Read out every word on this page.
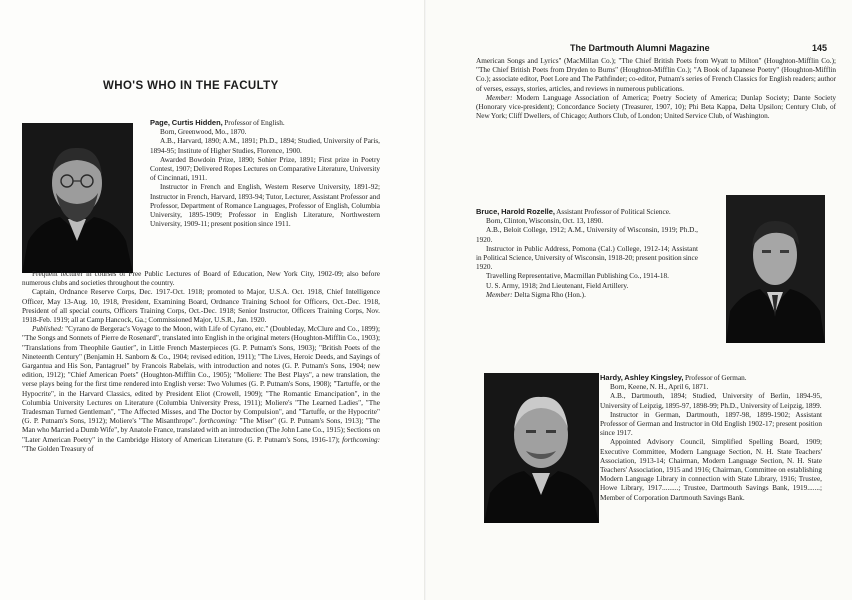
WHO'S WHO IN THE FACULTY

Page, Curtis Hidden, Professor of English.

Born, Greenwood, Mo., 1870.

A.B., Harvard, 1890; A.M., 1891; Ph.D., 1894; Studied, University of Paris, 1894-95; Institute of Higher Studies, Florence, 1900.

Awarded Bowdoin Prize, 1890; Sohier Prize, 1891; First prize in Poetry Contest, 1907; Delivered Ropes Lectures on Comparative Literature, University of Cincinnati, 1911.

Instructor in French and English, Western Reserve University, 1891-92; Instructor in French, Harvard, 1893-94; Tutor, Lecturer, Assistant Professor and Professor, Department of Romance Languages, Professor of English, Columbia University, 1895-1909; Professor in English Literature, Northwestern University, 1909-11; present position since 1911.

Frequent lecturer in courses of Free Public Lectures of Board of Education, New York City, 1902-09; also before numerous clubs and societies throughout the country.

Captain, Ordnance Reserve Corps, Dec. 1917-Oct. 1918; promoted to Major, U.S.A. Oct. 1918, Chief Intelligence Officer, May 13-Aug. 10, 1918, President, Examining Board, Ordnance Training School for Officers, Oct.-Dec. 1918, President of all special courts, Officers Training Corps, Oct.-Dec. 1918; Senior Instructor, Officers Training Corps, Nov. 1918-Feb. 1919; all at Camp Hancock, Ga.; Commissioned Major, U.S.R., Jan. 1920.

Published: "Cyrano de Bergerac's Voyage to the Moon, with Life of Cyrano, etc." (Doubleday, McClure and Co., 1899); "The Songs and Sonnets of Pierre de Rosenard", translated into English in the original meters (Houghton-Mifflin Co., 1903); "Translations from Theophile Gautier", in Little French Masterpieces (G. P. Putnam's Sons, 1903); "British Poets of the Nineteenth Century" (Benjamin H. Sanborn & Co., 1904; revised edition, 1911); "The Lives, Heroic Deeds, and Sayings of Gargantua and His Son, Pantagruel" by Francois Rabelais, with introduction and notes (G. P. Putnam's Sons, 1904; new edition, 1912); "Chief American Poets" (Houghton-Mifflin Co., 1905); "Moliere: The Best Plays", a new translation, the verse plays being for the first time rendered into English verse: Two Volumes (G. P. Putnam's Sons, 1908); "Tartuffe, or the Hypocrite", in the Harvard Classics, edited by President Eliot (Crowell, 1909); "The Romantic Emancipation", in the Columbia University Lectures on Literature (Columbia University Press, 1911); Moliere's "The Learned Ladies", "The Tradesman Turned Gentleman", "The Affected Misses, and The Doctor by Compulsion", and "Tartuffe, or the Hypocrite" (G. P. Putnam's Sons, 1912); Moliere's "The Misanthrope". forthcoming: "The Miser" (G. P. Putnam's Sons, 1913); "The Man who Married a Dumb Wife", by Anatole France, translated with an introduction (The John Lane Co., 1915); Sections on "Later American Poetry" in the Cambridge History of American Literature (G. P. Putnam's Sons, 1916-17); forthcoming: "The Golden Treasury of

The Dartmouth Alumni Magazine	145

American Songs and Lyrics" (MacMillan Co.); "The Chief British Poets from Wyatt to Milton" (Houghton-Mifflin Co.); "The Chief British Poets from Dryden to Burns" (Houghton-Mifflin Co.); "A Book of Japanese Poetry" (Houghton-Mifflin Co.); associate editor, Poet Lore and The Pathfinder; co-editor, Putnam's series of French Classics for English readers; author of verses, essays, stories, articles, and reviews in numerous publications.

Member: Modern Language Association of America; Poetry Society of America; Dunlap Society; Dante Society (Honorary vice-president); Concordance Society (Treasurer, 1907, 10); Phi Beta Kappa, Delta Upsilon; Century Club, of New York; Cliff Dwellers, of Chicago; Authors Club, of London; United Service Club, of Washington.

Bruce, Harold Rozelle, Assistant Professor of Political Science.

Born, Clinton, Wisconsin, Oct. 13, 1890.

A.B., Beloit College, 1912; A.M., University of Wisconsin, 1919; Ph.D., 1920.

Instructor in Public Address, Pomona (Cal.) College, 1912-14; Assistant in Political Science, University of Wisconsin, 1918-20; present position since 1920.

Travelling Representative, Macmillan Publishing Co., 1914-18.

U. S. Army, 1918; 2nd Lieutenant, Field Artillery.

Member: Delta Sigma Rho (Hon.).

Hardy, Ashley Kingsley, Professor of German.

Born, Keene, N. H., April 6, 1871.

A.B., Dartmouth, 1894; Studied, University of Berlin, 1894-95, University of Leipzig, 1895-97, 1898-99; Ph.D., University of Leipzig, 1899.

Instructor in German, Dartmouth, 1897-98, 1899-1902; Assistant Professor of German and Instructor in Old English 1902-17; present position since 1917.

Appointed Advisory Council, Simplified Spelling Board, 1909; Executive Committee, Modern Language Section, N. H. State Teachers' Association, 1913-14; Chairman, Modern Language Section, N. H. State Teachers' Association, 1915 and 1916; Chairman, Committee on establishing Modern Language Library in connection with State Library, 1916; Trustee, Howe Library, 1917.........; Trustee, Dartmouth Savings Bank, 1919.......; Member of Corporation Dartmouth Savings Bank.
